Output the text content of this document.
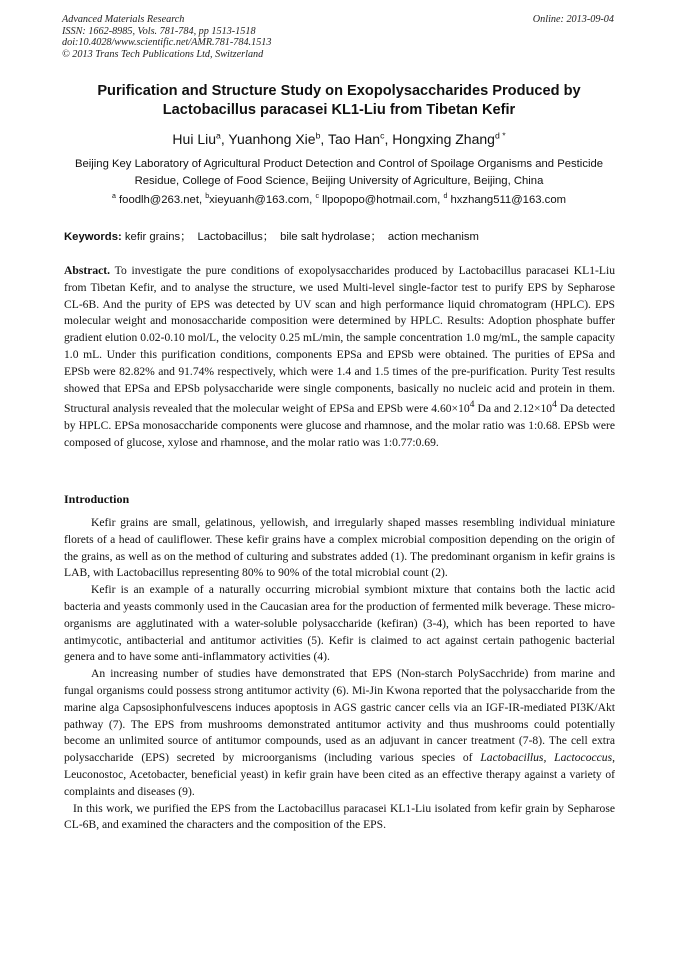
Advanced Materials Research
ISSN: 1662-8985, Vols. 781-784, pp 1513-1518
doi:10.4028/www.scientific.net/AMR.781-784.1513
© 2013 Trans Tech Publications Ltd, Switzerland
Online: 2013-09-04
Purification and Structure Study on Exopolysaccharides Produced by Lactobacillus paracasei KL1-Liu from Tibetan Kefir
Hui Liu$^a$, Yuanhong Xie$^b$, Tao Han$^c$, Hongxing Zhang$^{d *}$
Beijing Key Laboratory of Agricultural Product Detection and Control of Spoilage Organisms and Pesticide Residue, College of Food Science, Beijing University of Agriculture, Beijing, China
$^a$ foodlh@263.net, $^b$xieyuanh@163.com, $^c$ llpopopo@hotmail.com, $^d$ hxzhang511@163.com
Keywords: kefir grains； Lactobacillus； bile salt hydrolase； action mechanism

Abstract. To investigate the pure conditions of exopolysaccharides produced by Lactobacillus paracasei KL1-Liu from Tibetan Kefir, and to analyse the structure, we used Multi-level single-factor test to purify EPS by Sepharose CL-6B. And the purity of EPS was detected by UV scan and high performance liquid chromatogram (HPLC). EPS molecular weight and monosaccharide composition were determined by HPLC. Results: Adoption phosphate buffer gradient elution 0.02-0.10 mol/L, the velocity 0.25 mL/min, the sample concentration 1.0 mg/mL, the sample capacity 1.0 mL. Under this purification conditions, components EPSa and EPSb were obtained. The purities of EPSa and EPSb were 82.82% and 91.74% respectively, which were 1.4 and 1.5 times of the pre-purification. Purity Test results showed that EPSa and EPSb polysaccharide were single components, basically no nucleic acid and protein in them. Structural analysis revealed that the molecular weight of EPSa and EPSb were $4.60\times 10^4$ Da and $2.12\times 10^4$ Da detected by HPLC. EPSa monosaccharide components were glucose and rhamnose, and the molar ratio was 1:0.68. EPSb were composed of glucose, xylose and rhamnose, and the molar ratio was 1:0.77:0.69.

Introduction

Kefir grains are small, gelatinous, yellowish, and irregularly shaped masses resembling individual miniature florets of a head of cauliflower. These kefir grains have a complex microbial composition depending on the origin of the grains, as well as on the method of culturing and substrates added (1). The predominant organism in kefir grains is LAB, with Lactobacillus representing 80% to 90% of the total microbial count (2).

Kefir is an example of a naturally occurring microbial symbiont mixture that contains both the lactic acid bacteria and yeasts commonly used in the Caucasian area for the production of fermented milk beverage. These micro-organisms are agglutinated with a water-soluble polysaccharide (kefiran) (3-4), which has been reported to have antimycotic, antibacterial and antitumor activities (5). Kefir is claimed to act against certain pathogenic bacterial genera and to have some anti-inflammatory activities (4).

An increasing number of studies have demonstrated that EPS (Non-starch PolySacchride) from marine and fungal organisms could possess strong antitumor activity (6). Mi-Jin Kwona reported that the polysaccharide from the marine alga Capsosiphonfulvescens induces apoptosis in AGS gastric cancer cells via an IGF-IR-mediated PI3K/Akt pathway (7). The EPS from mushrooms demonstrated antitumor activity and thus mushrooms could potentially become an unlimited source of antitumor compounds, used as an adjuvant in cancer treatment (7-8). The cell extra polysaccharide (EPS) secreted by microorganisms (including various species of Lactobacillus, Lactococcus, Leuconostoc, Acetobacter, beneficial yeast) in kefir grain have been cited as an effective therapy against a variety of complaints and diseases (9).

In this work, we purified the EPS from the Lactobacillus paracasei KL1-Liu isolated from kefir grain by Sepharose CL-6B, and examined the characters and the composition of the EPS.
